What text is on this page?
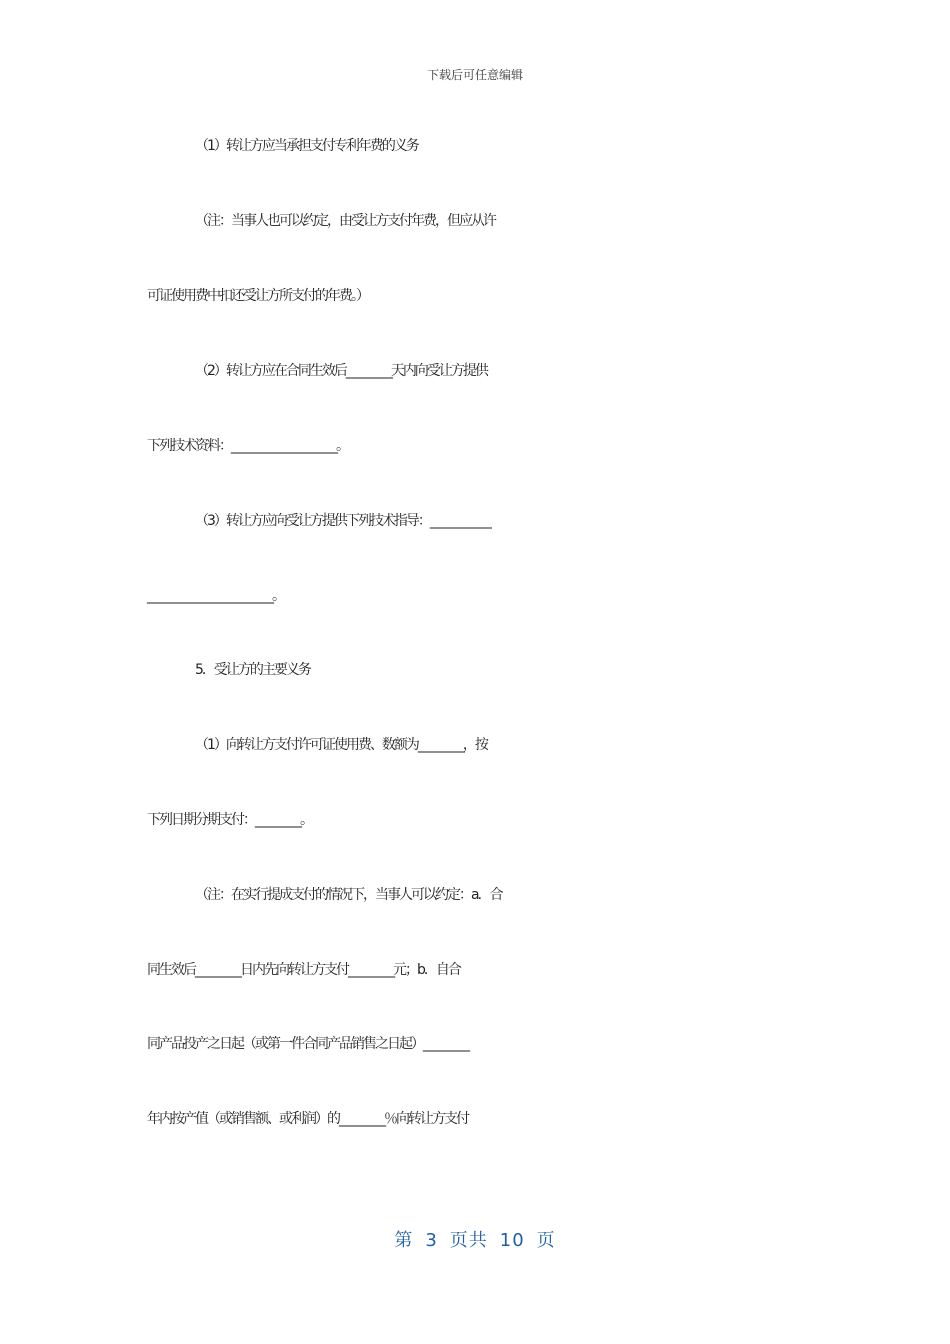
下载后可任意编辑
（1）转让方应当承担支付专利年费的义务
（注：当事人也可以约定，由受让方支付年费，但应从许
可证使用费中扣还受让方所支付的年费。）
（2）转让方应在合同生效后_________天内向受让方提供
下列技术资料：_____________________。
（3）转让方应向受让方提供下列技术指导：____________
_________________________。
5．受让方的主要义务
（1）向转让方支付许可证使用费、数额为_________，按
下列日期分期支付：_________。
（注：在实行提成支付的情况下，当事人可以约定：a．合
同生效后_________日内先向转让方支付_________元；b．自合
同产品投产之日起（或第一件合同产品销售之日起）_________
年内按产值（或销售额、或利润）的_________％向转让方支付
第 3 页共 10 页
